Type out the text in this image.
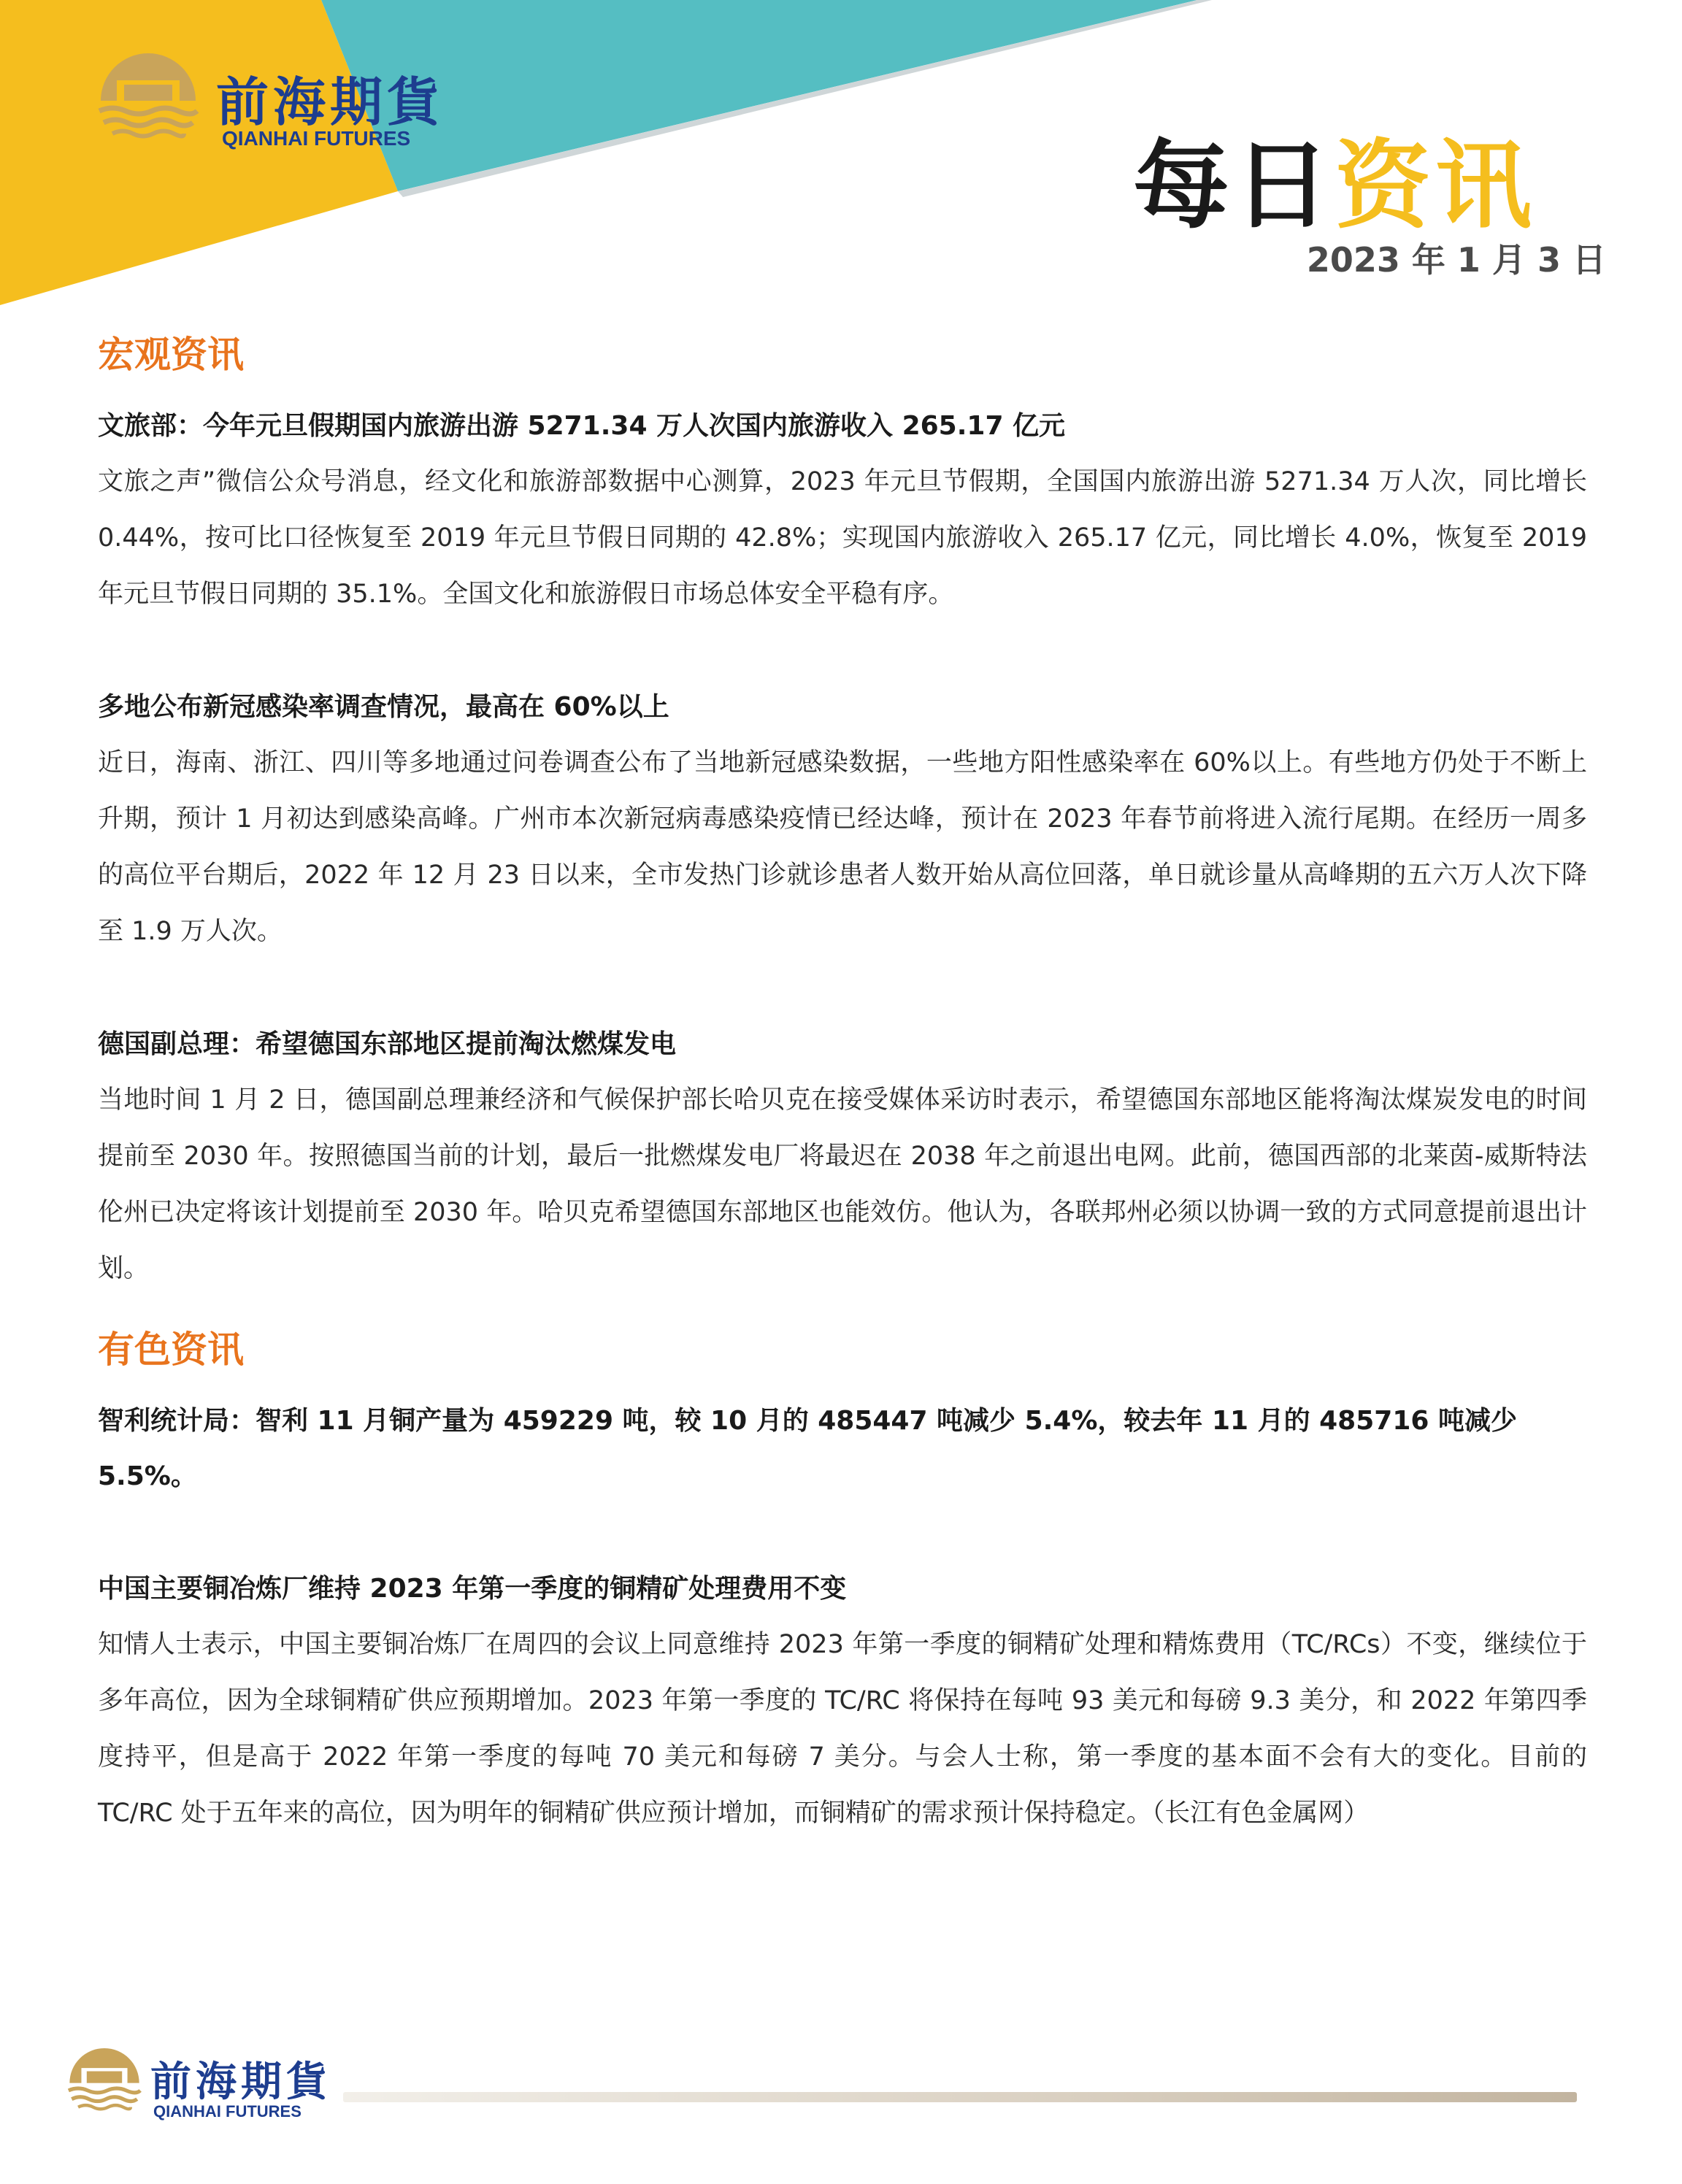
前海期貨
QIANHAI FUTURES	每日资讯
2023 年 1 月 3 日
宏观资讯

文旅部：今年元旦假期国内旅游出游 5271.34 万人次国内旅游收入 265.17 亿元

文旅之声”微信公众号消息，经文化和旅游部数据中心测算，2023 年元旦节假期，全国国内旅游出游 5271.34 万人次，同比增长 0.44%，按可比口径恢复至 2019 年元旦节假日同期的 42.8%；实现国内旅游收入 265.17 亿元，同比增长 4.0%，恢复至 2019 年元旦节假日同期的 35.1%。全国文化和旅游假日市场总体安全平稳有序。

多地公布新冠感染率调查情况，最高在 60%以上

近日，海南、浙江、四川等多地通过问卷调查公布了当地新冠感染数据，一些地方阳性感染率在 60%以上。有些地方仍处于不断上升期，预计 1 月初达到感染高峰。广州市本次新冠病毒感染疫情已经达峰，预计在 2023 年春节前将进入流行尾期。在经历一周多的高位平台期后，2022 年 12 月 23 日以来，全市发热门诊就诊患者人数开始从高位回落，单日就诊量从高峰期的五六万人次下降至 1.9 万人次。

德国副总理：希望德国东部地区提前淘汰燃煤发电

当地时间 1 月 2 日，德国副总理兼经济和气候保护部长哈贝克在接受媒体采访时表示，希望德国东部地区能将淘汰煤炭发电的时间提前至 2030 年。按照德国当前的计划，最后一批燃煤发电厂将最迟在 2038 年之前退出电网。此前，德国西部的北莱茵-威斯特法伦州已决定将该计划提前至 2030 年。哈贝克希望德国东部地区也能效仿。他认为，各联邦州必须以协调一致的方式同意提前退出计划。

有色资讯

智利统计局：智利 11 月铜产量为 459229 吨，较 10 月的 485447 吨减少 5.4%，较去年 11 月的 485716 吨减少 5.5%。

中国主要铜冶炼厂维持 2023 年第一季度的铜精矿处理费用不变

知情人士表示，中国主要铜冶炼厂在周四的会议上同意维持 2023 年第一季度的铜精矿处理和精炼费用（TC/RCs）不变，继续位于多年高位，因为全球铜精矿供应预期增加。2023 年第一季度的 TC/RC 将保持在每吨 93 美元和每磅 9.3 美分，和 2022 年第四季度持平，但是高于 2022 年第一季度的每吨 70 美元和每磅 7 美分。与会人士称，第一季度的基本面不会有大的变化。目前的 TC/RC 处于五年来的高位，因为明年的铜精矿供应预计增加，而铜精矿的需求预计保持稳定。（长江有色金属网）

前海期貨
QIANHAI FUTURES
